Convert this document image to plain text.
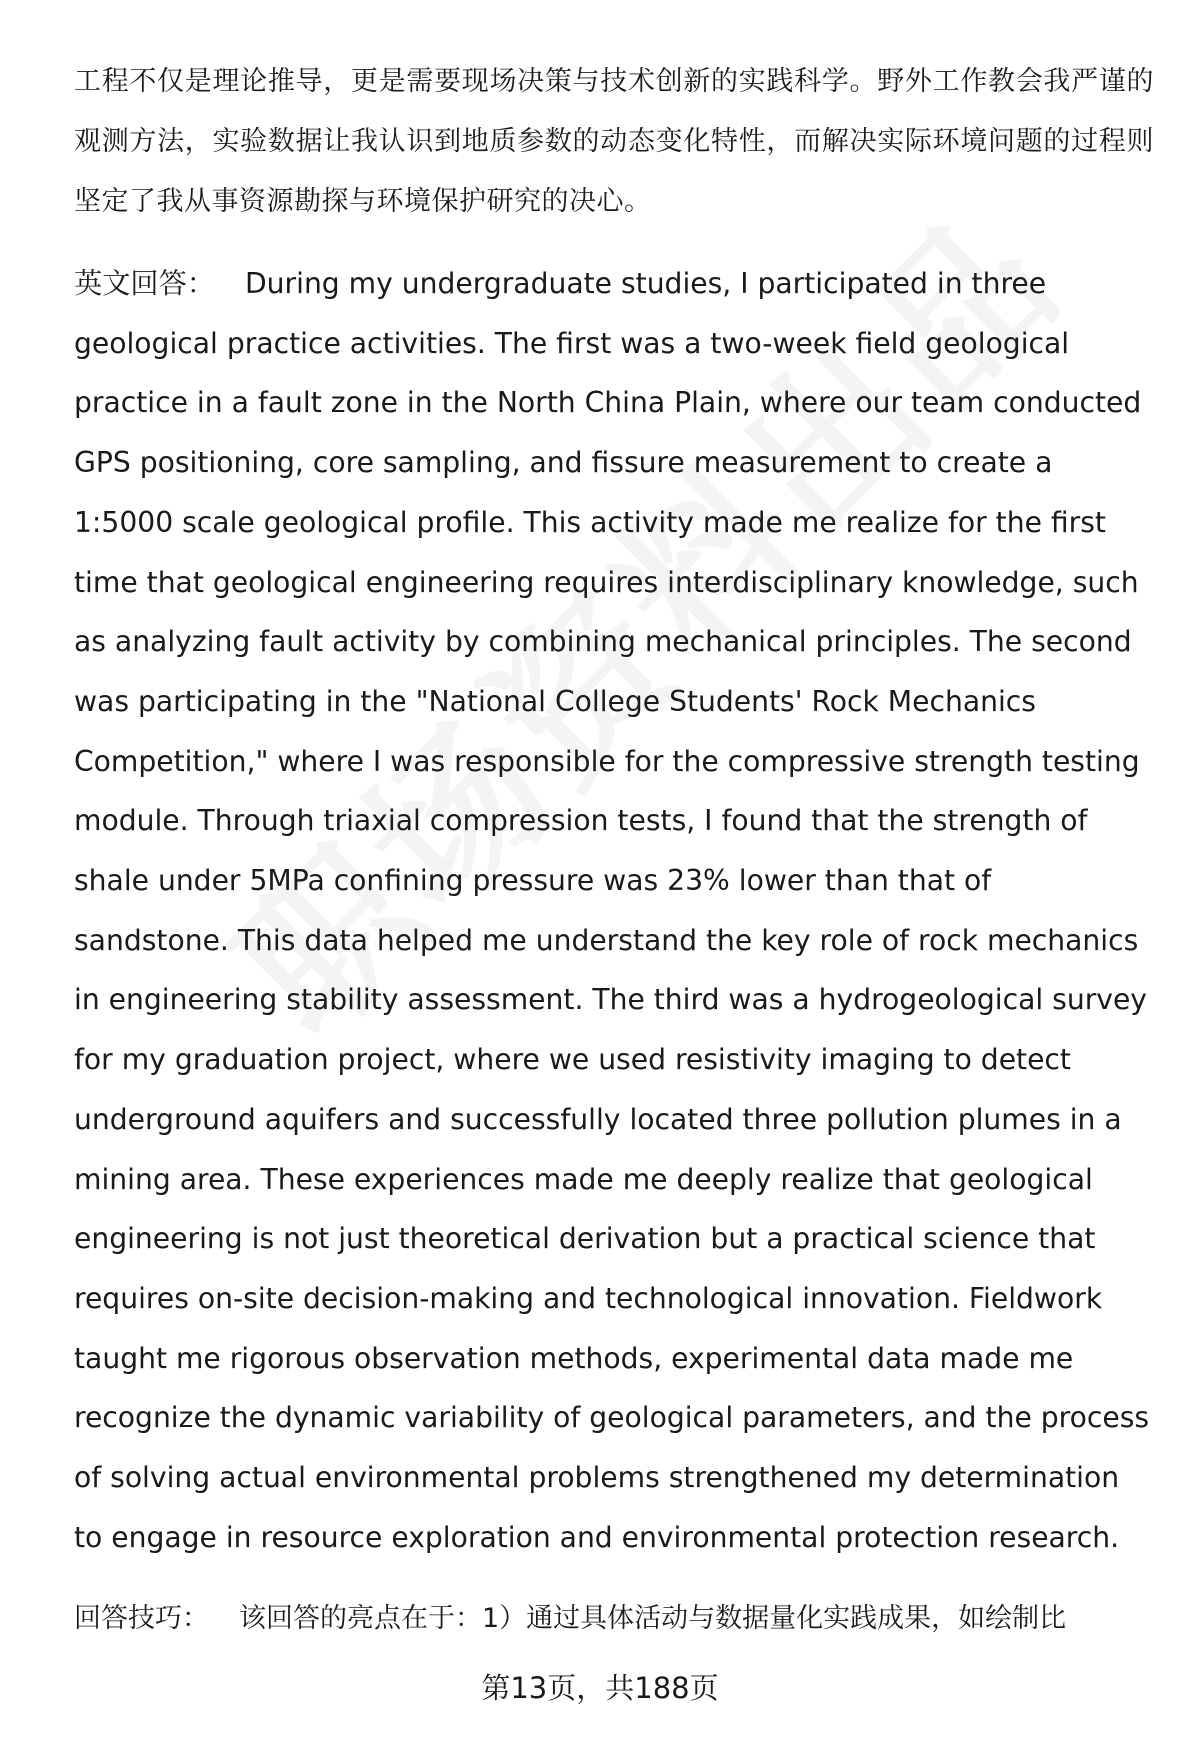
工程不仅是理论推导，更是需要现场决策与技术创新的实践科学。野外工作教会我严谨的观测方法，实验数据让我认识到地质参数的动态变化特性，而解决实际环境问题的过程则坚定了我从事资源勘探与环境保护研究的决心。

英文回答： During my undergraduate studies, I participated in three geological practice activities. The first was a two-week field geological practice in a fault zone in the North China Plain, where our team conducted GPS positioning, core sampling, and fissure measurement to create a 1:5000 scale geological profile. This activity made me realize for the first time that geological engineering requires interdisciplinary knowledge, such as analyzing fault activity by combining mechanical principles. The second was participating in the "National College Students' Rock Mechanics Competition," where I was responsible for the compressive strength testing module. Through triaxial compression tests, I found that the strength of shale under 5MPa confining pressure was 23% lower than that of sandstone. This data helped me understand the key role of rock mechanics in engineering stability assessment. The third was a hydrogeological survey for my graduation project, where we used resistivity imaging to detect underground aquifers and successfully located three pollution plumes in a mining area. These experiences made me deeply realize that geological engineering is not just theoretical derivation but a practical science that requires on-site decision-making and technological innovation. Fieldwork taught me rigorous observation methods, experimental data made me recognize the dynamic variability of geological parameters, and the process of solving actual environmental problems strengthened my determination to engage in resource exploration and environmental protection research.

回答技巧： 该回答的亮点在于：1）通过具体活动与数据量化实践成果，如绘制比

第13页，共188页
